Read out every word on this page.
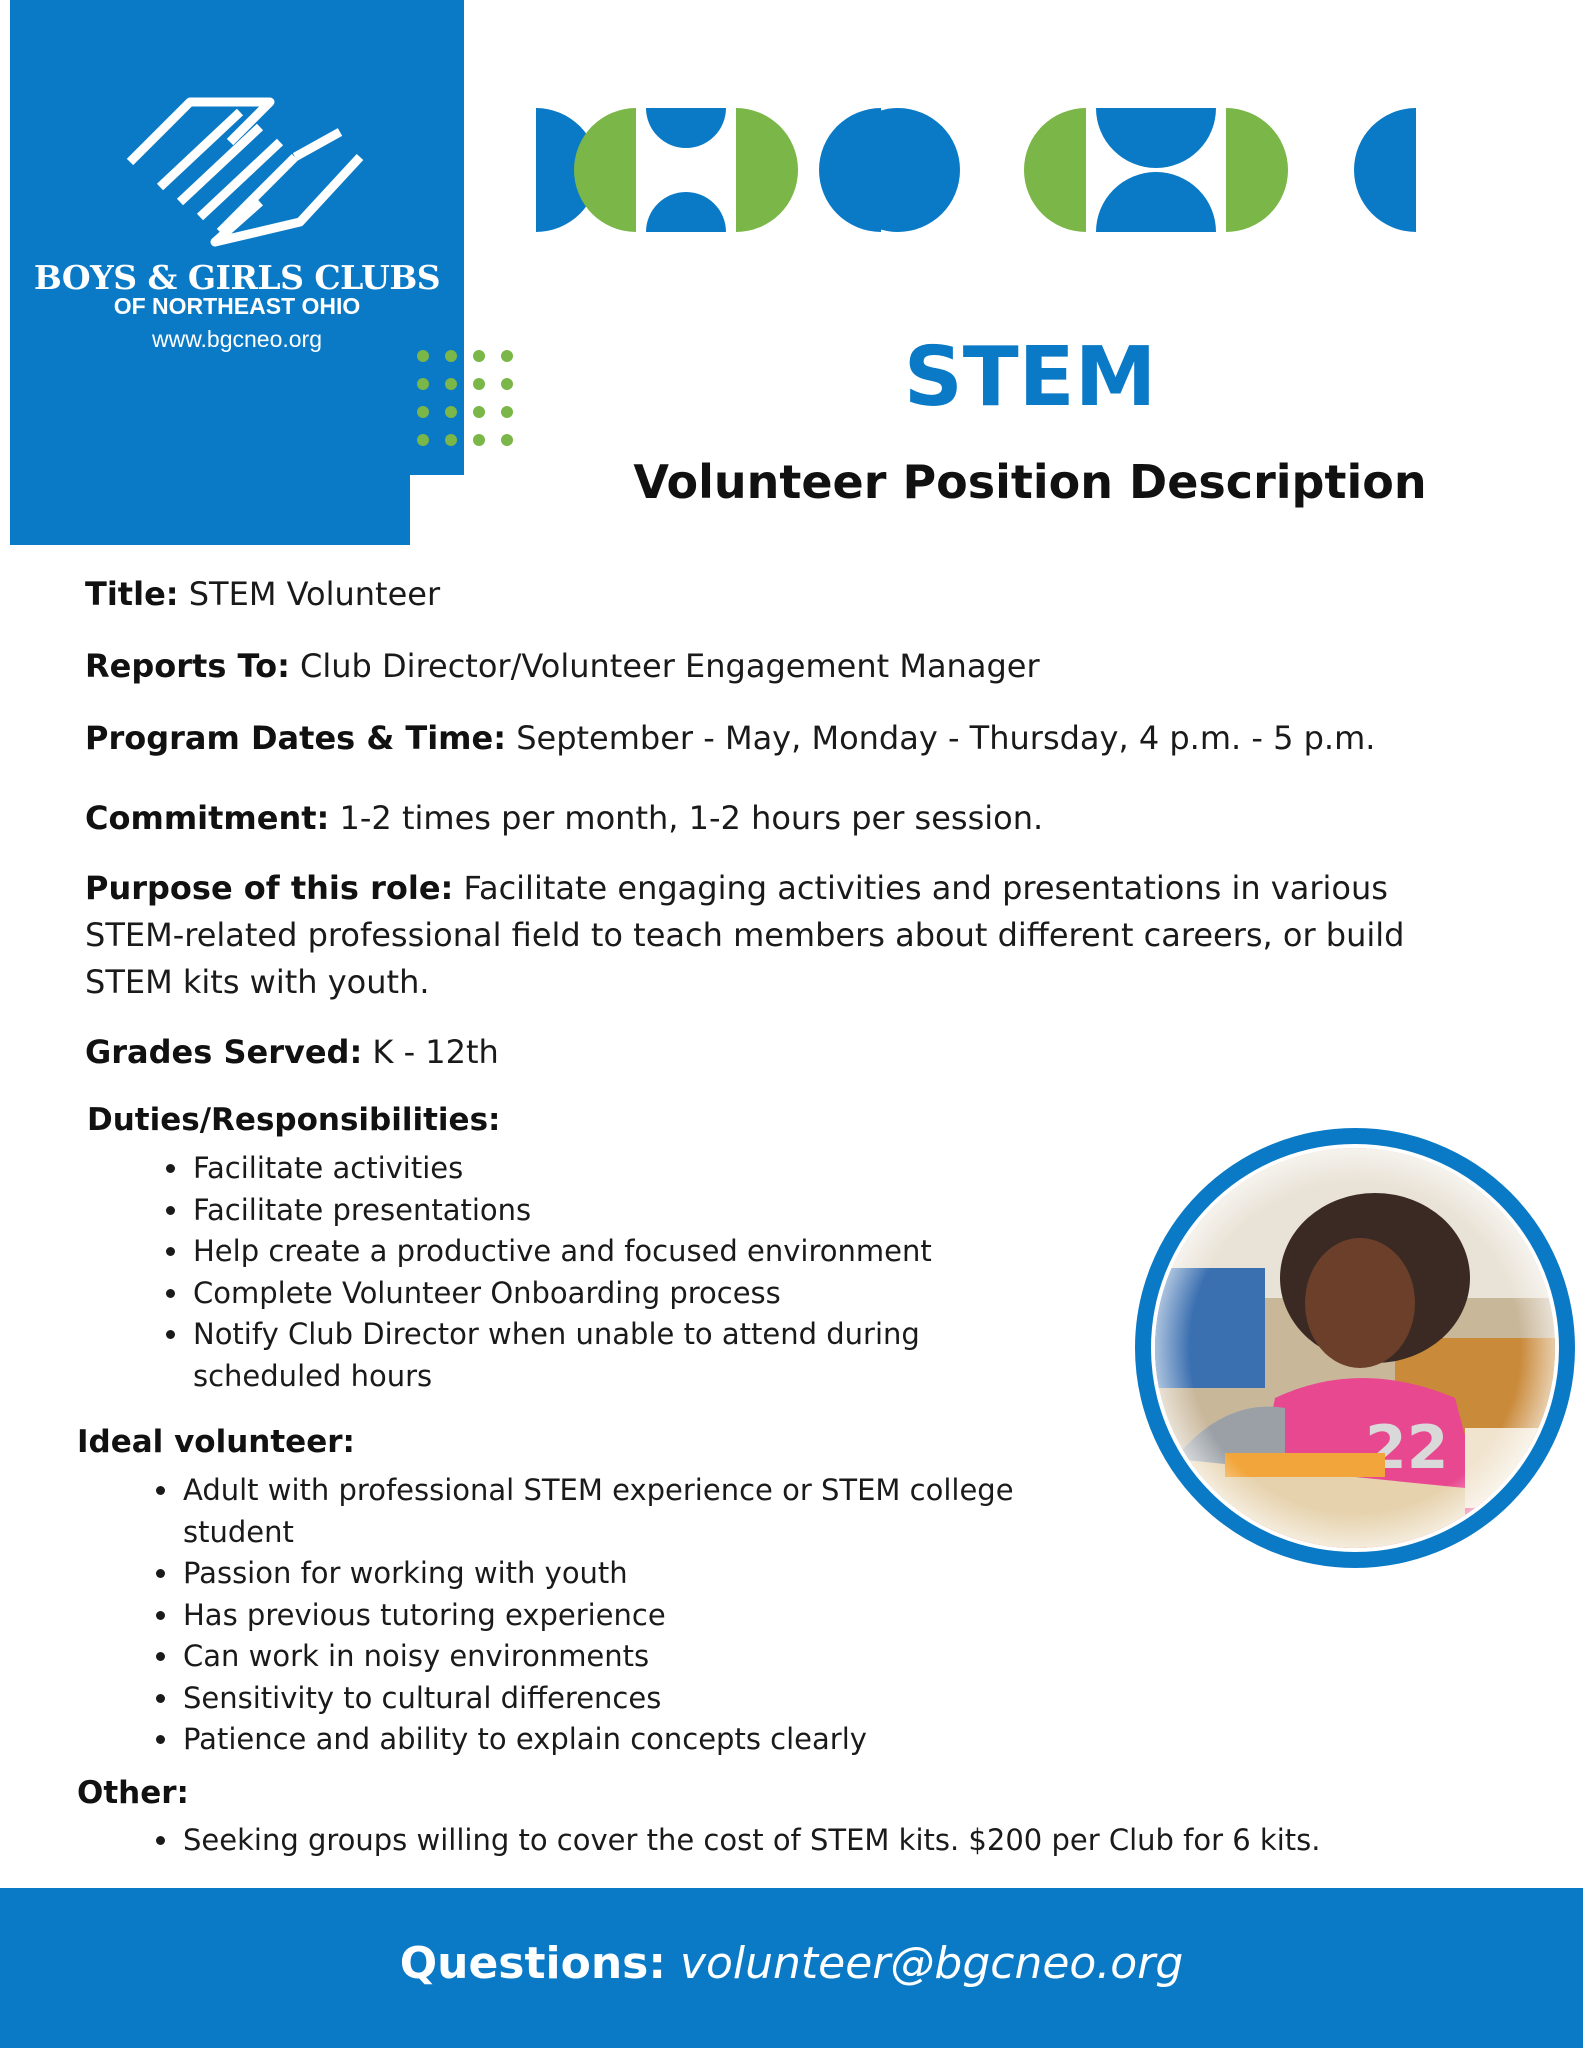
BOYS & GIRLS CLUBS
OF NORTHEAST OHIO
www.bgcneo.org	STEM
Volunteer Position Description
Title: STEM Volunteer
Reports To: Club Director/Volunteer Engagement Manager
Program Dates & Time: September - May, Monday - Thursday, 4 p.m. - 5 p.m.
Commitment: 1-2 times per month, 1-2 hours per session.
Purpose of this role: Facilitate engaging activities and presentations in various
STEM-related professional field to teach members about different careers, or build
STEM kits with youth.
Grades Served: K - 12th
Duties/Responsibilities:
• Facilitate activities
• Facilitate presentations
• Help create a productive and focused environment
• Complete Volunteer Onboarding process
• Notify Club Director when unable to attend during scheduled hours
Ideal volunteer:
• Adult with professional STEM experience or STEM college student
• Passion for working with youth
• Has previous tutoring experience
• Can work in noisy environments
• Sensitivity to cultural differences
• Patience and ability to explain concepts clearly
Other:
• Seeking groups willing to cover the cost of STEM kits. $200 per Club for 6 kits.
Questions: volunteer@bgcneo.org
